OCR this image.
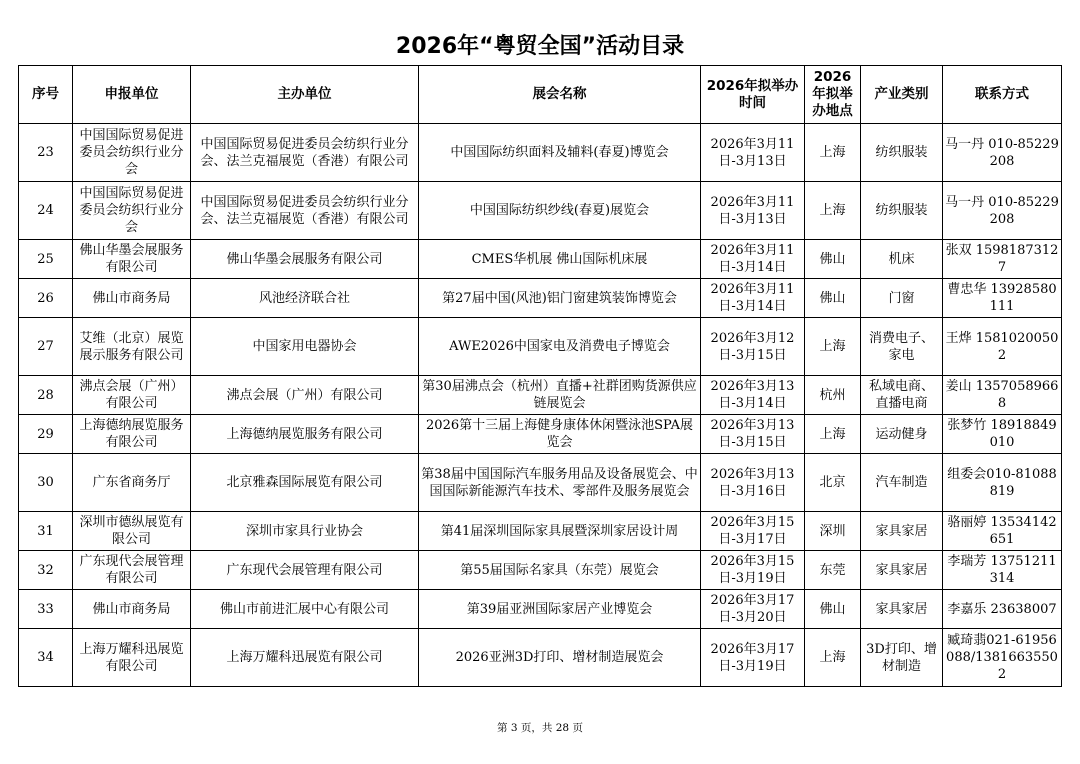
2026年“粤贸全国”活动目录
序号	申报单位	主办单位	展会名称	2026年拟举办时间	2026年拟举办地点	产业类别	联系方式
23	中国国际贸易促进委员会纺织行业分会	中国国际贸易促进委员会纺织行业分会、法兰克福展览（香港）有限公司	中国国际纺织面料及辅料(春夏)博览会	2026年3月11日-3月13日	上海	纺织服装	马一丹 010-85229208
24	中国国际贸易促进委员会纺织行业分会	中国国际贸易促进委员会纺织行业分会、法兰克福展览（香港）有限公司	中国国际纺织纱线(春夏)展览会	2026年3月11日-3月13日	上海	纺织服装	马一丹 010-85229208
25	佛山华墨会展服务有限公司	佛山华墨会展服务有限公司	CMES华机展 佛山国际机床展	2026年3月11日-3月14日	佛山	机床	张双 15981873127
26	佛山市商务局	风池经济联合社	第27届中国(风池)铝门窗建筑装饰博览会	2026年3月11日-3月14日	佛山	门窗	曹忠华 13928580111
27	艾维（北京）展览展示服务有限公司	中国家用电器协会	AWE2026中国家电及消费电子博览会	2026年3月12日-3月15日	上海	消费电子、家电	王烨 15810200502
28	沸点会展（广州）有限公司	沸点会展（广州）有限公司	第30届沸点会（杭州）直播+社群团购货源供应链展览会	2026年3月13日-3月14日	杭州	私域电商、直播电商	姜山 13570589668
29	上海德纳展览服务有限公司	上海德纳展览服务有限公司	2026第十三届上海健身康体休闲暨泳池SPA展览会	2026年3月13日-3月15日	上海	运动健身	张梦竹 18918849010
30	广东省商务厅	北京雅森国际展览有限公司	第38届中国国际汽车服务用品及设备展览会、中国国际新能源汽车技术、零部件及服务展览会	2026年3月13日-3月16日	北京	汽车制造	组委会010-81088819
31	深圳市德纵展览有限公司	深圳市家具行业协会	第41届深圳国际家具展暨深圳家居设计周	2026年3月15日-3月17日	深圳	家具家居	骆丽婷 13534142651
32	广东现代会展管理有限公司	广东现代会展管理有限公司	第55届国际名家具（东莞）展览会	2026年3月15日-3月19日	东莞	家具家居	李瑞芳 13751211314
33	佛山市商务局	佛山市前进汇展中心有限公司	第39届亚洲国际家居产业博览会	2026年3月17日-3月20日	佛山	家具家居	李嘉乐 23638007
34	上海万耀科迅展览有限公司	上海万耀科迅展览有限公司	2026亚洲3D打印、增材制造展览会	2026年3月17日-3月19日	上海	3D打印、增材制造	臧琦翡021-61956088/13816635502
第 3 页，共 28 页
